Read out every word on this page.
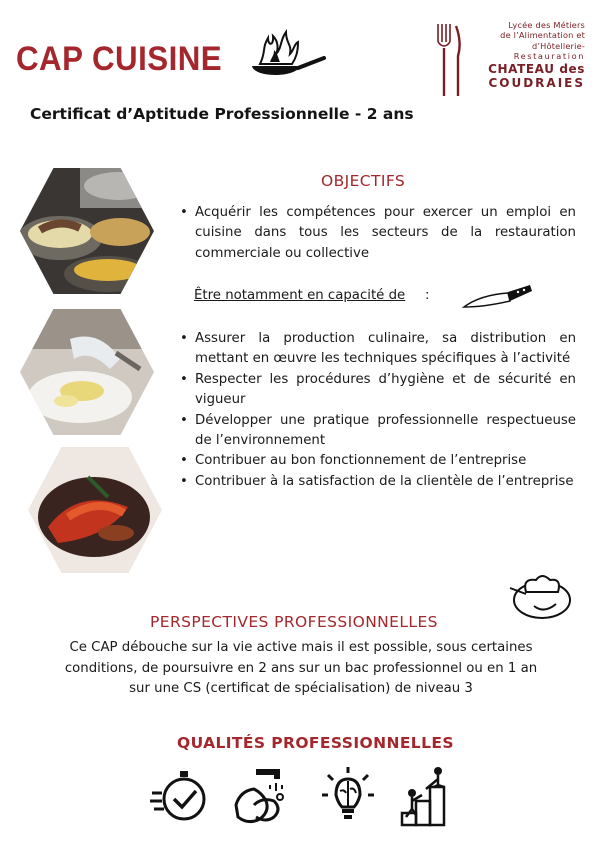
CAP CUISINE
Lycée des Métiers
de l’Alimentation et
d’Hôtellerie-
Restauration
CHATEAU des
COUDRAIES
Certificat d’Aptitude Professionnelle - 2 ans
OBJECTIFS
• Acquérir les compétences pour exercer un emploi en cuisine dans tous les secteurs de la restauration commerciale ou collective
Être notamment en capacité de :
• Assurer la production culinaire, sa distribution en mettant en œuvre les techniques spécifiques à l’activité
• Respecter les procédures d’hygiène et de sécurité en vigueur
• Développer une pratique professionnelle respectueuse de l’environnement
• Contribuer au bon fonctionnement de l’entreprise
• Contribuer à la satisfaction de la clientèle de l’entreprise
PERSPECTIVES PROFESSIONNELLES
Ce CAP débouche sur la vie active mais il est possible, sous certaines conditions, de poursuivre en 2 ans sur un bac professionnel ou en 1 an sur une CS (certificat de spécialisation) de niveau 3
QUALITÉS PROFESSIONNELLES
